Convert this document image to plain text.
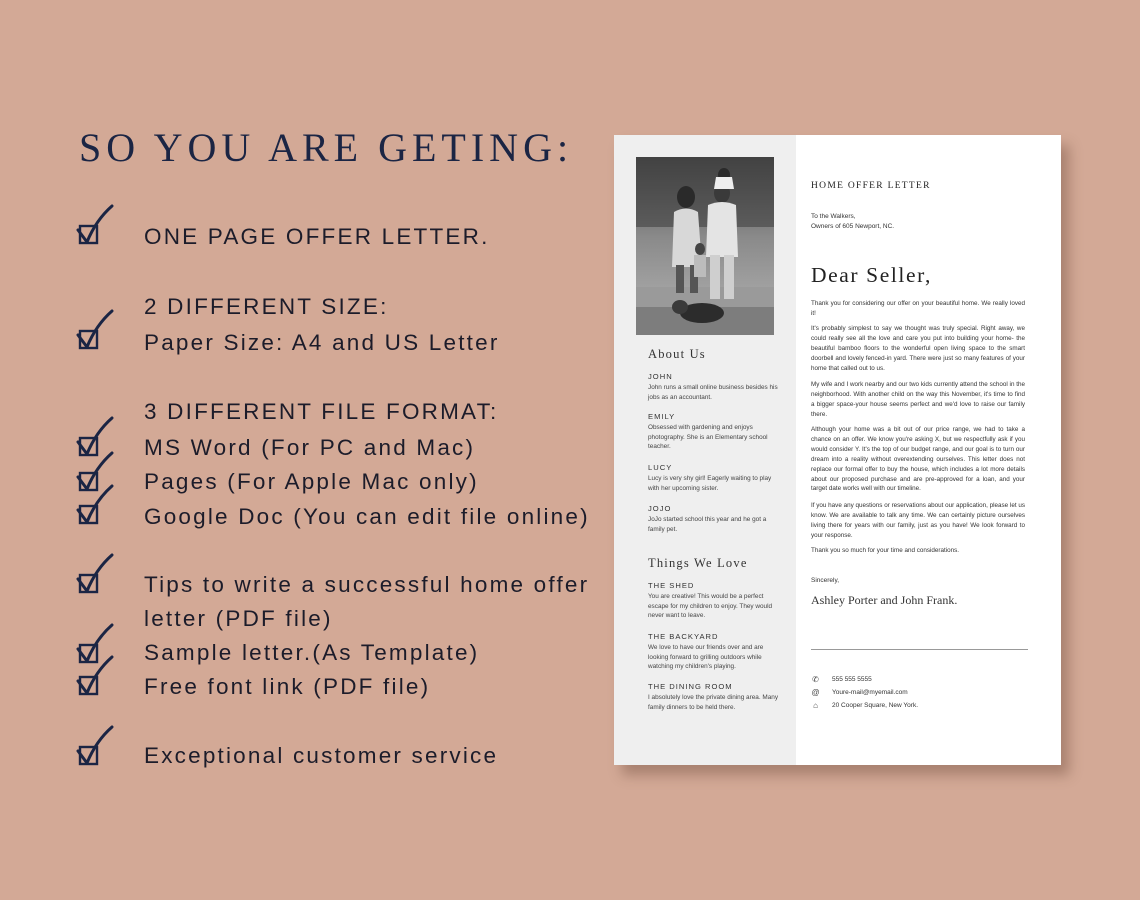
SO YOU ARE GETING:
ONE PAGE OFFER LETTER.
2 DIFFERENT SIZE:
Paper Size: A4 and US Letter
3 DIFFERENT FILE FORMAT:
MS Word (For PC and Mac)
Pages (For Apple Mac only)
Google Doc (You can edit file online)
Tips to write a successful home offer
letter (PDF file)
Sample letter.(As Template)
Free font link (PDF file)
Exceptional customer service
About Us
JOHN
John runs a small online business besides his jobs as an accountant.
EMILY
Obsessed with gardening and enjoys photography. She is an Elementary school teacher.
LUCY
Lucy is very shy girl! Eagerly waiting to play with her upcoming sister.
JOJO
JoJo started school this year and he got a family pet.
Things We Love
THE SHED
You are creative! This would be a perfect escape for my children to enjoy. They would never want to leave.
THE BACKYARD
We love to have our friends over and are looking forward to grilling outdoors while watching my children's playing.
THE DINING ROOM
I absolutely love the private dining area. Many family dinners to be held there.
HOME OFFER LETTER
To the Walkers,
Owners of 605 Newport, NC.
Dear Seller,

Thank you for considering our offer on your beautiful home. We really loved it!

It's probably simplest to say we thought was truly special. Right away, we could really see all the love and care you put into building your home- the beautiful bamboo floors to the wonderful open living space to the smart doorbell and lovely fenced-in yard. There were just so many features of your home that called out to us.

My wife and I work nearby and our two kids currently attend the school in the neighborhood. With another child on the way this November, it's time to find a bigger space-your house seems perfect and we'd love to raise our family there.

Although your home was a bit out of our price range, we had to take a chance on an offer. We know you're asking X, but we respectfully ask if you would consider Y. It's the top of our budget range, and our goal is to turn our dream into a reality without overextending ourselves. This letter does not replace our formal offer to buy the house, which includes a lot more details about our proposed purchase and are pre-approved for a loan, and your target date works well with our timeline.

If you have any questions or reservations about our application, please let us know. We are available to talk any time. We can certainly picture ourselves living there for years with our family, just as you have! We look forward to your response.

Thank you so much for your time and considerations.

Sincerely,
Ashley Porter and John Frank.
✆ 555 555 5555
@ Youre-mail@myemail.com
⌂	20 Cooper Square, New York.
